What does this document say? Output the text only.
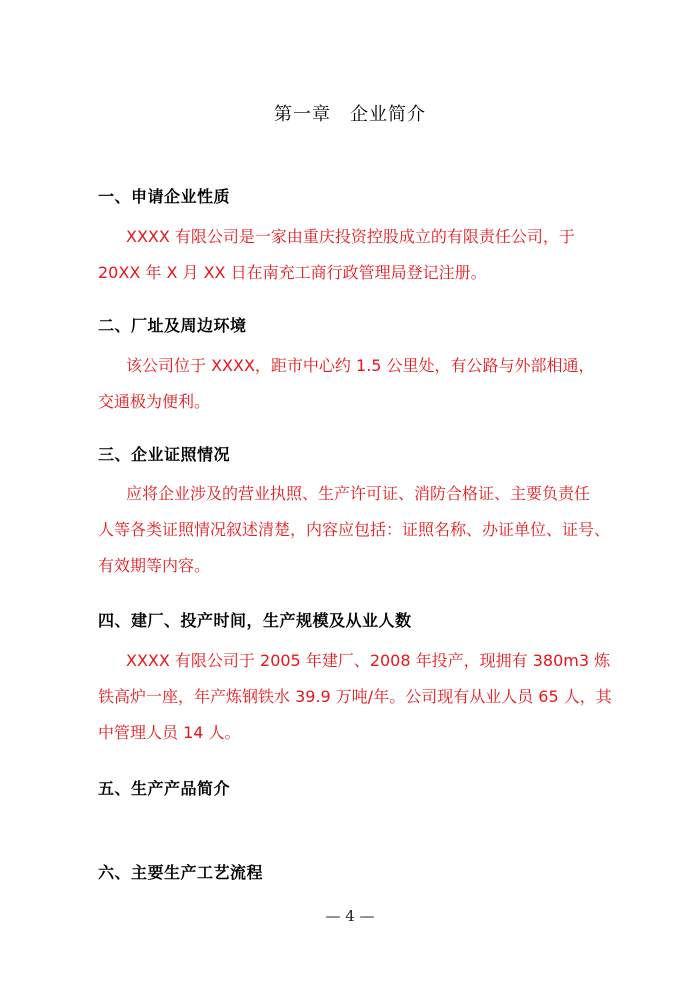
第一章　企业简介
一、申请企业性质
XXXX 有限公司是一家由重庆投资控股成立的有限责任公司，于
20XX 年 X 月 XX 日在南充工商行政管理局登记注册。
二、厂址及周边环境
该公司位于 XXXX，距市中心约 1.5 公里处，有公路与外部相通，
交通极为便利。
三、企业证照情况
应将企业涉及的营业执照、生产许可证、消防合格证、主要负责任
人等各类证照情况叙述清楚，内容应包括：证照名称、办证单位、证号、
有效期等内容。
四、建厂、投产时间，生产规模及从业人数
XXXX 有限公司于 2005 年建厂、2008 年投产，现拥有 380m3 炼
铁高炉一座，年产炼钢铁水 39.9 万吨/年。公司现有从业人员 65 人，其
中管理人员 14 人。
五、生产产品简介
六、主要生产工艺流程
— 4 —
